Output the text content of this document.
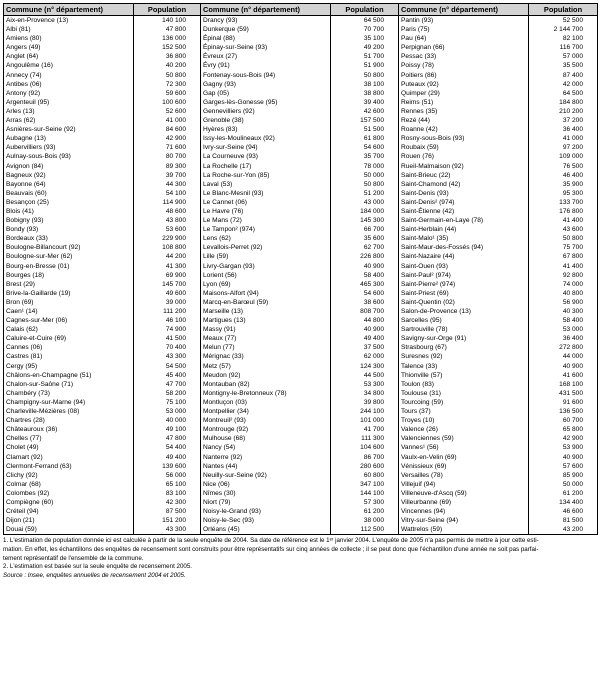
Commune (n° département)	Population	Commune (n° département)	Population	Commune (n° département)	Population
Aix-en-Provence (13)	140 100	Drancy (93)	64 500	Pantin (93)	52 500
Albi (81)	47 800	Dunkerque (59)	70 700	Paris (75)	2 144 700
Amiens (80)	136 000	Épinal (88)	35 100	Pau (64)	82 100
Angers (49)	152 500	Épinay-sur-Seine (93)	49 200	Perpignan (66)	116 700
Anglet (64)	36 800	Évreux (27)	51 700	Pessac (33)	57 000
Angoulême (16)	40 200	Évry (91)	51 900	Poissy (78)	35 500
Annecy (74)	50 800	Fontenay-sous-Bois (94)	50 800	Poitiers (86)	87 400
Antibes (06)	72 300	Gagny (93)	38 100	Puteaux (92)	42 000
Antony (92)	59 600	Gap (05)	38 800	Quimper (29)	64 500
Argenteuil (95)	100 600	Garges-lès-Gonesse (95)	39 400	Reims (51)	184 800
Arles (13)	52 600	Gennevilliers (92)	42 600	Rennes (35)	210 200
Arras (62)	41 000	Grenoble (38)	157 500	Rezé (44)	37 200
Asnières-sur-Seine (92)	84 600	Hyères (83)	51 500	Roanne (42)	36 400
Aubagne (13)	42 900	Issy-les-Moulineaux (92)	61 800	Rosny-sous-Bois (93)	41 000
Aubervilliers (93)	71 600	Ivry-sur-Seine (94)	54 600	Roubaix (59)	97 200
Aulnay-sous-Bois (93)	80 700	La Courneuve (93)	35 700	Rouen (76)	109 000
Avignon (84)	89 300	La Rochelle (17)	78 000	Rueil-Malmaison (92)	76 500
Bagneux (92)	39 700	La Roche-sur-Yon (85)	50 000	Saint-Brieuc (22)	46 400
Bayonne (64)	44 300	Laval (53)	50 800	Saint-Chamond (42)	35 900
Beauvais (60)	54 100	Le Blanc-Mesnil (93)	51 200	Saint-Denis (93)	95 300
Besançon (25)	114 900	Le Cannet (06)	43 000	Saint-Denis² (974)	133 700
Blois (41)	48 600	Le Havre (76)	184 000	Saint-Étienne (42)	176 800
Bobigny (93)	43 800	Le Mans (72)	145 300	Saint-Germain-en-Laye (78)	41 400
Bondy (93)	53 600	Le Tampon² (974)	66 700	Saint-Herblain (44)	43 600
Bordeaux (33)	229 900	Lens (62)	35 600	Saint-Malo¹ (35)	50 800
Boulogne-Billancourt (92)	108 800	Levallois-Perret (92)	62 700	Saint-Maur-des-Fossés (94)	75 700
Boulogne-sur-Mer (62)	44 200	Lille (59)	226 800	Saint-Nazaire (44)	67 800
Bourg-en-Bresse (01)	41 300	Livry-Gargan (93)	40 900	Saint-Ouen (93)	41 400
Bourges (18)	69 900	Lorient (56)	58 400	Saint-Paul² (974)	92 800
Brest (29)	145 700	Lyon (69)	465 300	Saint-Pierre² (974)	74 000
Brive-la-Gaillarde (19)	49 600	Maisons-Alfort (94)	54 600	Saint-Priest (69)	40 800
Bron (69)	39 000	Marcq-en-Barœul (59)	38 600	Saint-Quentin (02)	56 900
Caen¹ (14)	111 200	Marseille (13)	808 700	Salon-de-Provence (13)	40 300
Cagnes-sur-Mer (06)	46 100	Martigues (13)	44 800	Sarcelles (95)	58 400
Calais (62)	74 900	Massy (91)	40 900	Sartrouville (78)	53 000
Caluire-et-Cuire (69)	41 500	Meaux (77)	49 400	Savigny-sur-Orge (91)	36 400
Cannes (06)	70 400	Melun (77)	37 500	Strasbourg (67)	272 800
Castres (81)	43 300	Mérignac (33)	62 000	Suresnes (92)	44 000
Cergy (95)	54 500	Metz (57)	124 300	Talence (33)	40 900
Châlons-en-Champagne (51)	45 400	Meudon (92)	44 500	Thionville (57)	41 600
Chalon-sur-Saône (71)	47 700	Montauban (82)	53 300	Toulon (83)	168 100
Chambéry (73)	58 200	Montigny-le-Bretonneux (78)	34 800	Toulouse (31)	431 500
Champigny-sur-Marne (94)	75 100	Montluçon (03)	39 800	Tourcoing (59)	91 600
Charleville-Mézières (08)	53 000	Montpellier (34)	244 100	Tours (37)	136 500
Chartres (28)	40 000	Montreuil² (93)	101 000	Troyes (10)	60 700
Châteauroux (36)	49 100	Montrouge (92)	41 700	Valence (26)	65 800
Chelles (77)	47 800	Mulhouse (68)	111 300	Valenciennes (59)	42 900
Cholet (49)	54 400	Nancy (54)	104 600	Vannes¹ (56)	53 900
Clamart (92)	49 400	Nanterre (92)	86 700	Vaulx-en-Velin (69)	40 900
Clermont-Ferrand (63)	139 600	Nantes (44)	280 600	Vénissieux (69)	57 600
Clichy (92)	56 000	Neuilly-sur-Seine (92)	60 800	Versailles (78)	85 900
Colmar (68)	65 100	Nice (06)	347 100	Villejuif (94)	50 000
Colombes (92)	83 100	Nîmes (30)	144 100	Villeneuve-d'Ascq (59)	61 200
Compiègne (60)	42 300	Niort (79)	57 300	Villeurbanne (69)	134 400
Créteil (94)	87 500	Noisy-le-Grand (93)	61 200	Vincennes (94)	46 600
Dijon (21)	151 200	Noisy-le-Sec (93)	38 000	Vitry-sur-Seine (94)	81 500
Douai (59)	43 300	Orléans (45)	112 500	Wattrelos (59)	43 200
1. L'estimation de population donnée ici est calculée à partir de la seule enquête de 2004. Sa date de référence est le 1ᵉʳ janvier 2004. L'enquête de 2005 n'a pas permis de mettre à jour cette esti-
mation. En effet, les échantillons des enquêtes de recensement sont construits pour être représentatifs sur cinq années de collecte ; il se peut donc que l'échantillon d'une année ne soit pas parfai-
tement représentatif de l'ensemble de la commune.
2. L'estimation est basée sur la seule enquête de recensement 2005.
Source : Insee, enquêtes annuelles de recensement 2004 et 2005.
